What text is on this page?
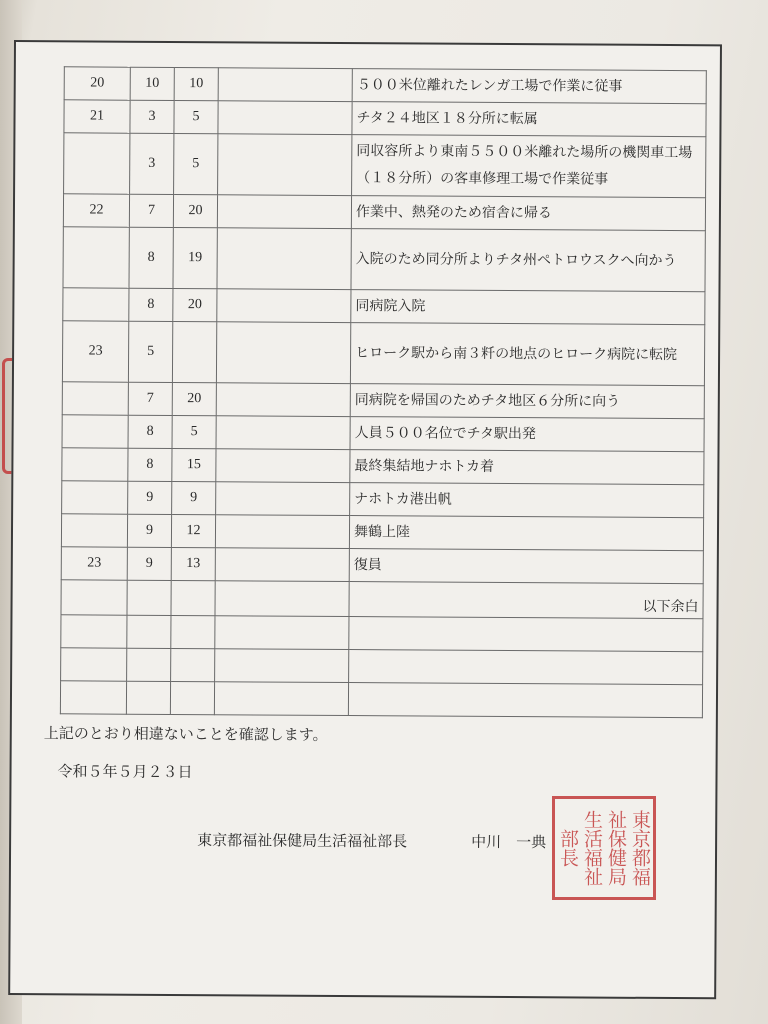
20	10	10		５００米位離れたレンガ工場で作業に従事
21	3	5		チタ２４地区１８分所に転属
	3	5		同収容所より東南５５００米離れた場所の機関車工場（１８分所）の客車修理工場で作業従事

22	7	20		作業中、熱発のため宿舎に帰る
	8	19		入院のため同分所よりチタ州ペトロウスクへ向かう

	8	20		同病院入院
23	5			ヒローク駅から南３粁の地点のヒローク病院に転院

	7	20		同病院を帰国のためチタ地区６分所に向う
	8	5		人員５００名位でチタ駅出発
	8	15		最終集結地ナホトカ着
	9	9		ナホトカ港出帆
	9	12		舞鶴上陸
23	9	13		復員
				以下余白

上記のとおり相違ないことを確認します。
令和５年５月２３日
東京都福祉保健局生活福祉部長	中川　一典	東京都福祉保健局生活福祉部長
